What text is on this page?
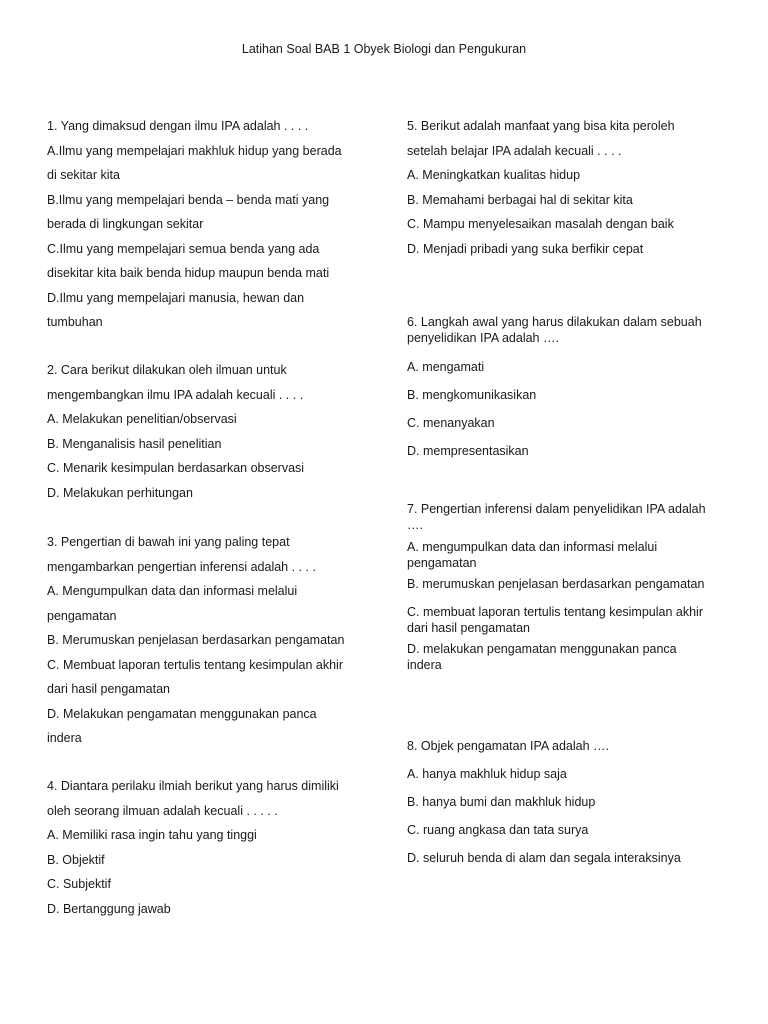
Latihan Soal BAB 1 Obyek Biologi dan Pengukuran
1. Yang dimaksud dengan ilmu IPA adalah . . . .
A.Ilmu yang mempelajari makhluk hidup yang berada
di sekitar kita
B.Ilmu yang mempelajari benda – benda mati yang
berada di lingkungan sekitar
C.Ilmu yang mempelajari semua benda yang ada
disekitar kita baik benda hidup maupun benda mati
D.Ilmu yang mempelajari manusia, hewan dan
tumbuhan
2. Cara berikut dilakukan oleh ilmuan untuk
mengembangkan ilmu IPA adalah kecuali . . . .
A. Melakukan penelitian/observasi
B. Menganalisis hasil penelitian
C. Menarik kesimpulan berdasarkan observasi
D. Melakukan perhitungan
3. Pengertian di bawah ini yang paling tepat
mengambarkan pengertian inferensi adalah . . . .
A. Mengumpulkan data dan informasi melalui
pengamatan
B. Merumuskan penjelasan berdasarkan pengamatan
C. Membuat laporan tertulis tentang kesimpulan akhir
dari hasil pengamatan
D. Melakukan pengamatan menggunakan panca
indera
4. Diantara perilaku ilmiah berikut yang harus dimiliki
oleh seorang ilmuan adalah kecuali . . . . .
A. Memiliki rasa ingin tahu yang tinggi
B. Objektif
C. Subjektif
D. Bertanggung jawab
5. Berikut adalah manfaat yang bisa kita peroleh
setelah belajar IPA adalah kecuali . . . .
A. Meningkatkan kualitas hidup
B. Memahami berbagai hal di sekitar kita
C. Mampu menyelesaikan masalah dengan baik
D. Menjadi pribadi yang suka berfikir cepat
6. Langkah awal yang harus dilakukan dalam sebuah
penyelidikan IPA adalah ….
A. mengamati
B. mengkomunikasikan
C. menanyakan
D. mempresentasikan
7. Pengertian inferensi dalam penyelidikan IPA adalah
….
A. mengumpulkan data dan informasi melalui
pengamatan
B. merumuskan penjelasan berdasarkan pengamatan
C. membuat laporan tertulis tentang kesimpulan akhir
dari hasil pengamatan
D. melakukan pengamatan menggunakan panca
indera
8. Objek pengamatan IPA adalah ….
A. hanya makhluk hidup saja
B. hanya bumi dan makhluk hidup
C. ruang angkasa dan tata surya
D. seluruh benda di alam dan segala interaksinya
